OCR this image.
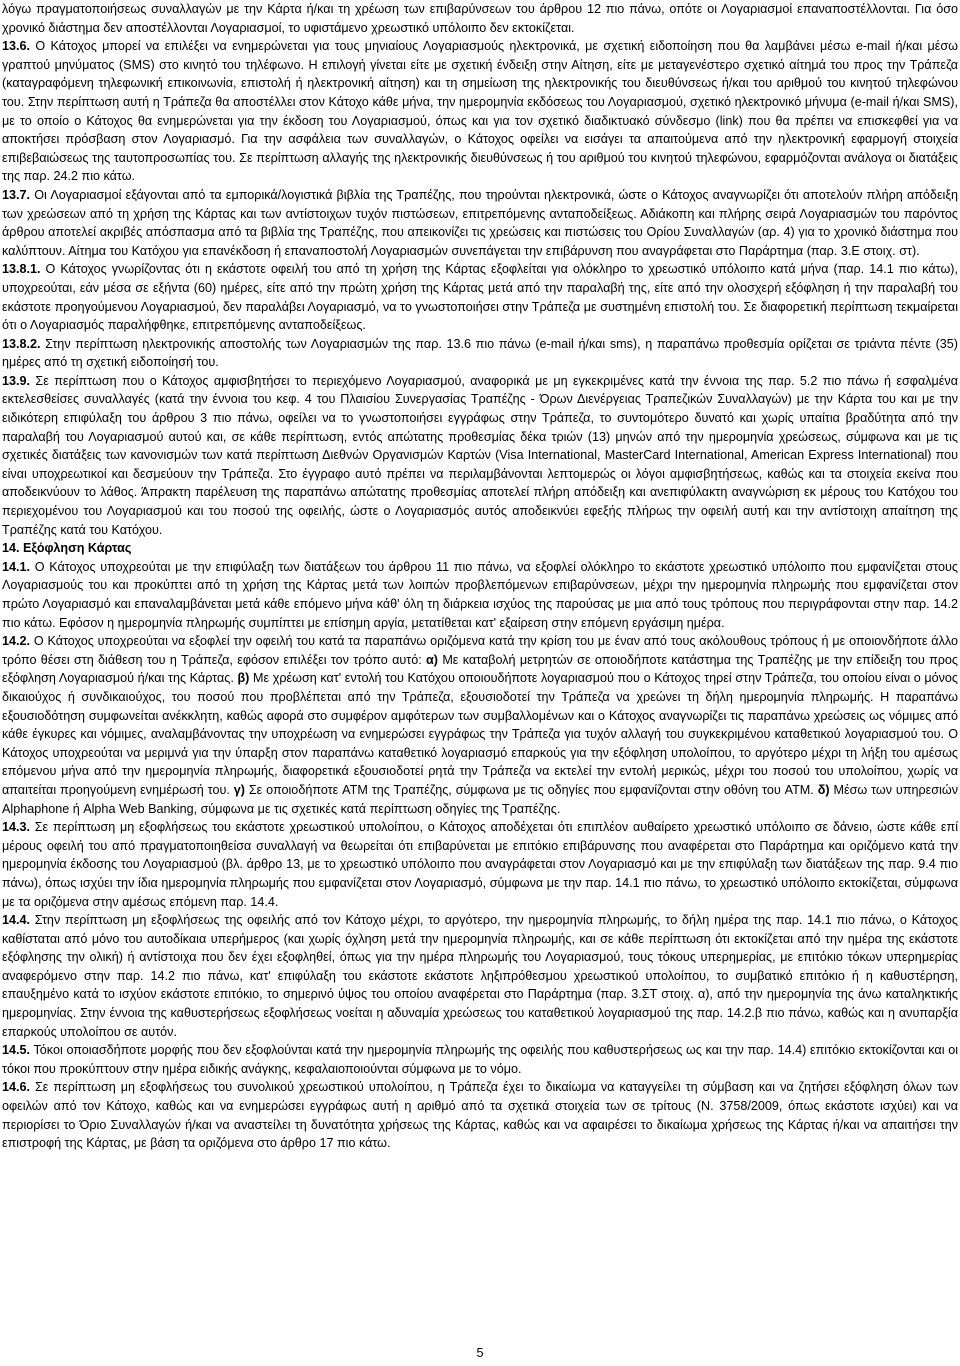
λόγω πραγματοποιήσεως συναλλαγών με την Κάρτα ή/και τη χρέωση των επιβαρύνσεων του άρθρου 12 πιο πάνω, οπότε οι Λογαριασμοί επαναποστέλλονται. Για όσο χρονικό διάστημα δεν αποστέλλονται Λογαριασμοί, το υφιστάμενο χρεωστικό υπόλοιπο δεν εκτοκίζεται.

13.6. Ο Κάτοχος μπορεί να επιλέξει να ενημερώνεται για τους μηνιαίους Λογαριασμούς ηλεκτρονικά, με σχετική ειδοποίηση που θα λαμβάνει μέσω e-mail ή/και μέσω γραπτού μηνύματος (SMS) στο κινητό του τηλέφωνο. Η επιλογή γίνεται είτε με σχετική ένδειξη στην Αίτηση, είτε με μεταγενέστερο σχετικό αίτημά του προς την Τράπεζα (καταγραφόμενη τηλεφωνική επικοινωνία, επιστολή ή ηλεκτρονική αίτηση) και τη σημείωση της ηλεκτρονικής του διευθύνσεως ή/και του αριθμού του κινητού τηλεφώνου του. Στην περίπτωση αυτή η Τράπεζα θα αποστέλλει στον Κάτοχο κάθε μήνα, την ημερομηνία εκδόσεως του Λογαριασμού, σχετικό ηλεκτρονικό μήνυμα (e-mail ή/και SMS), με το οποίο ο Κάτοχος θα ενημερώνεται για την έκδοση του Λογαριασμού, όπως και για τον σχετικό διαδικτυακό σύνδεσμο (link) που θα πρέπει να επισκεφθεί για να αποκτήσει πρόσβαση στον Λογαριασμό. Για την ασφάλεια των συναλλαγών, ο Κάτοχος οφείλει να εισάγει τα απαιτούμενα από την ηλεκτρονική εφαρμογή στοιχεία επιβεβαιώσεως της ταυτοπροσωπίας του. Σε περίπτωση αλλαγής της ηλεκτρονικής διευθύνσεως ή του αριθμού του κινητού τηλεφώνου, εφαρμόζονται ανάλογα οι διατάξεις της παρ. 24.2 πιο κάτω.

13.7. Οι Λογαριασμοί εξάγονται από τα εμπορικά/λογιστικά βιβλία της Τραπέζης, που τηρούνται ηλεκτρονικά, ώστε ο Κάτοχος αναγνωρίζει ότι αποτελούν πλήρη απόδειξη των χρεώσεων από τη χρήση της Κάρτας και των αντίστοιχων τυχόν πιστώσεων, επιτρεπόμενης ανταποδείξεως. Αδιάκοπη και πλήρης σειρά Λογαριασμών του παρόντος άρθρου αποτελεί ακριβές απόσπασμα από τα βιβλία της Τραπέζης, που απεικονίζει τις χρεώσεις και πιστώσεις του Ορίου Συναλλαγών (αρ. 4) για το χρονικό διάστημα που καλύπτουν. Αίτημα του Κατόχου για επανέκδοση ή επαναποστολή Λογαριασμών συνεπάγεται την επιβάρυνση που αναγράφεται στο Παράρτημα (παρ. 3.Ε στοιχ. στ).

13.8.1. Ο Κάτοχος γνωρίζοντας ότι η εκάστοτε οφειλή του από τη χρήση της Κάρτας εξοφλείται για ολόκληρο το χρεωστικό υπόλοιπο κατά μήνα (παρ. 14.1 πιο κάτω), υποχρεούται, εάν μέσα σε εξήντα (60) ημέρες, είτε από την πρώτη χρήση της Κάρτας μετά από την παραλαβή της, είτε από την ολοσχερή εξόφληση ή την παραλαβή του εκάστοτε προηγούμενου Λογαριασμού, δεν παραλάβει Λογαριασμό, να το γνωστοποιήσει στην Τράπεζα με συστημένη επιστολή του. Σε διαφορετική περίπτωση τεκμαίρεται ότι ο Λογαριασμός παραλήφθηκε, επιτρεπόμενης ανταποδείξεως.

13.8.2. Στην περίπτωση ηλεκτρονικής αποστολής των Λογαριασμών της παρ. 13.6 πιο πάνω (e-mail ή/και sms), η παραπάνω προθεσμία ορίζεται σε τριάντα πέντε (35) ημέρες από τη σχετική ειδοποίησή του.

13.9. Σε περίπτωση που ο Κάτοχος αμφισβητήσει το περιεχόμενο Λογαριασμού, αναφορικά με μη εγκεκριμένες κατά την έννοια της παρ. 5.2 πιο πάνω ή εσφαλμένα εκτελεσθείσες συναλλαγές (κατά την έννοια του κεφ. 4 του Πλαισίου Συνεργασίας Τραπέζης - Όρων Διενέργειας Τραπεζικών Συναλλαγών) με την Κάρτα του και με την ειδικότερη επιφύλαξη του άρθρου 3 πιο πάνω, οφείλει να το γνωστοποιήσει εγγράφως στην Τράπεζα, το συντομότερο δυνατό και χωρίς υπαίτια βραδύτητα από την παραλαβή του Λογαριασμού αυτού και, σε κάθε περίπτωση, εντός απώτατης προθεσμίας δέκα τριών (13) μηνών από την ημερομηνία χρεώσεως, σύμφωνα και με τις σχετικές διατάξεις των κανονισμών των κατά περίπτωση Διεθνών Οργανισμών Καρτών (Visa International, MasterCard International, American Express International) που είναι υποχρεωτικοί και δεσμεύουν την Τράπεζα. Στο έγγραφο αυτό πρέπει να περιλαμβάνονται λεπτομερώς οι λόγοι αμφισβητήσεως, καθώς και τα στοιχεία εκείνα που αποδεικνύουν το λάθος. Άπρακτη παρέλευση της παραπάνω απώτατης προθεσμίας αποτελεί πλήρη απόδειξη και ανεπιφύλακτη αναγνώριση εκ μέρους του Κατόχου του περιεχομένου του Λογαριασμού και του ποσού της οφειλής, ώστε ο Λογαριασμός αυτός αποδεικνύει εφεξής πλήρως την οφειλή αυτή και την αντίστοιχη απαίτηση της Τραπέζης κατά του Κατόχου.

14. Εξόφληση Κάρτας

14.1. Ο Κάτοχος υποχρεούται με την επιφύλαξη των διατάξεων του άρθρου 11 πιο πάνω, να εξοφλεί ολόκληρο το εκάστοτε χρεωστικό υπόλοιπο που εμφανίζεται στους Λογαριασμούς του και προκύπτει από τη χρήση της Κάρτας μετά των λοιπών προβλεπόμενων επιβαρύνσεων, μέχρι την ημερομηνία πληρωμής που εμφανίζεται στον πρώτο Λογαριασμό και επαναλαμβάνεται μετά κάθε επόμενο μήνα κάθ' όλη τη διάρκεια ισχύος της παρούσας με μια από τους τρόπους που περιγράφονται στην παρ. 14.2 πιο κάτω. Εφόσον η ημερομηνία πληρωμής συμπίπτει με επίσημη αργία, μετατίθεται κατ' εξαίρεση στην επόμενη εργάσιμη ημέρα.

14.2. Ο Κάτοχος υποχρεούται να εξοφλεί την οφειλή του κατά τα παραπάνω οριζόμενα κατά την κρίση του με έναν από τους ακόλουθους τρόπους ή με οποιονδήποτε άλλο τρόπο θέσει στη διάθεση του η Τράπεζα, εφόσον επιλέξει τον τρόπο αυτό: α) Με καταβολή μετρητών σε οποιοδήποτε κατάστημα της Τραπέζης με την επίδειξη του προς εξόφληση Λογαριασμού ή/και της Κάρτας. β) Με χρέωση κατ' εντολή του Κατόχου οποιουδήποτε λογαριασμού που ο Κάτοχος τηρεί στην Τράπεζα, του οποίου είναι ο μόνος δικαιούχος ή συνδικαιούχος, του ποσού που προβλέπεται από την Τράπεζα, εξουσιοδοτεί την Τράπεζα να χρεώνει τη δήλη ημερομηνία πληρωμής. Η παραπάνω εξουσιοδότηση συμφωνείται ανέκκλητη, καθώς αφορά στο συμφέρον αμφότερων των συμβαλλομένων και ο Κάτοχος αναγνωρίζει τις παραπάνω χρεώσεις ως νόμιμες από κάθε έγκυρες και νόμιμες, αναλαμβάνοντας την υποχρέωση να ενημερώσει εγγράφως την Τράπεζα για τυχόν αλλαγή του συγκεκριμένου καταθετικού λογαριασμού του. Ο Κάτοχος υποχρεούται να μεριμνά για την ύπαρξη στον παραπάνω καταθετικό λογαριασμό επαρκούς για την εξόφληση υπολοίπου, το αργότερο μέχρι τη λήξη του αμέσως επόμενου μήνα από την ημερομηνία πληρωμής, διαφορετικά εξουσιοδοτεί ρητά την Τράπεζα να εκτελεί την εντολή μερικώς, μέχρι του ποσού του υπολοίπου, χωρίς να απαιτείται προηγούμενη ενημέρωσή του. γ) Σε οποιοδήποτε ATM της Τραπέζης, σύμφωνα με τις οδηγίες που εμφανίζονται στην οθόνη του ATM. δ) Μέσω των υπηρεσιών Alphaphone ή Alpha Web Banking, σύμφωνα με τις σχετικές κατά περίπτωση οδηγίες της Τραπέζης.

14.3. Σε περίπτωση μη εξοφλήσεως του εκάστοτε χρεωστικού υπολοίπου, ο Κάτοχος αποδέχεται ότι επιπλέον αυθαίρετο χρεωστικό υπόλοιπο σε δάνειο, ώστε κάθε επί μέρους οφειλή του από πραγματοποιηθείσα συναλλαγή να θεωρείται ότι επιβαρύνεται με επιτόκιο επιβάρυνσης που αναφέρεται στο Παράρτημα και οριζόμενο κατά την ημερομηνία έκδοσης του Λογαριασμού (βλ. άρθρο 13, με το χρεωστικό υπόλοιπο που αναγράφεται στον Λογαριασμό και με την επιφύλαξη των διατάξεων της παρ. 9.4 πιο πάνω), όπως ισχύει την ίδια ημερομηνία πληρωμής που εμφανίζεται στον Λογαριασμό, σύμφωνα με την παρ. 14.1 πιο πάνω, το χρεωστικό υπόλοιπο εκτοκίζεται, σύμφωνα με τα οριζόμενα στην αμέσως επόμενη παρ. 14.4.

14.4. Στην περίπτωση μη εξοφλήσεως της οφειλής από τον Κάτοχο μέχρι, το αργότερο, την ημερομηνία πληρωμής, το δήλη ημέρα της παρ. 14.1 πιο πάνω, ο Κάτοχος καθίσταται από μόνο του αυτοδίκαια υπερήμερος (και χωρίς όχληση μετά την ημερομηνία πληρωμής, και σε κάθε περίπτωση ότι εκτοκίζεται από την ημέρα της εκάστοτε εξόφλησης την ολική) ή αντίστοιχα που δεν έχει εξοφληθεί, όπως για την ημέρα πληρωμής του Λογαριασμού, τους τόκους υπερημερίας, με επιτόκιο τόκων υπερημερίας αναφερόμενο στην παρ. 14.2 πιο πάνω, κατ' επιφύλαξη του εκάστοτε εκάστοτε ληξιπρόθεσμου χρεωστικού υπολοίπου, το συμβατικό επιτόκιο ή η καθυστέρηση, επαυξημένο κατά το ισχύον εκάστοτε επιτόκιο, το σημερινό ύψος του οποίου αναφέρεται στο Παράρτημα (παρ. 3.ΣΤ στοιχ. α), από την ημερομηνία της άνω καταληκτικής ημερομηνίας. Στην έννοια της καθυστερήσεως εξοφλήσεως νοείται η αδυναμία χρεώσεως του καταθετικού λογαριασμού της παρ. 14.2.β πιο πάνω, καθώς και η ανυπαρξία επαρκούς υπολοίπου σε αυτόν.

14.5. Τόκοι οποιασδήποτε μορφής που δεν εξοφλούνται κατά την ημερομηνία πληρωμής της οφειλής που καθυστερήσεως ως και την παρ. 14.4) επιτόκιο εκτοκίζονται και οι τόκοι που προκύπτουν στην ημέρα ειδικής ανάγκης, κεφαλαιοποιούνται σύμφωνα με το νόμο.

14.6. Σε περίπτωση μη εξοφλήσεως του συνολικού χρεωστικού υπολοίπου, η Τράπεζα έχει το δικαίωμα να καταγγείλει τη σύμβαση και να ζητήσει εξόφληση όλων των οφειλών από τον Κάτοχο, καθώς και να ενημερώσει εγγράφως αυτή η αριθμό από τα σχετικά στοιχεία των σε τρίτους (Ν. 3758/2009, όπως εκάστοτε ισχύει) και να περιορίσει το Όριο Συναλλαγών ή/και να αναστείλει τη δυνατότητα χρήσεως της Κάρτας, καθώς και να αφαιρέσει το δικαίωμα χρήσεως της Κάρτας ή/και να απαιτήσει την επιστροφή της Κάρτας, με βάση τα οριζόμενα στο άρθρο 17 πιο κάτω.

5
